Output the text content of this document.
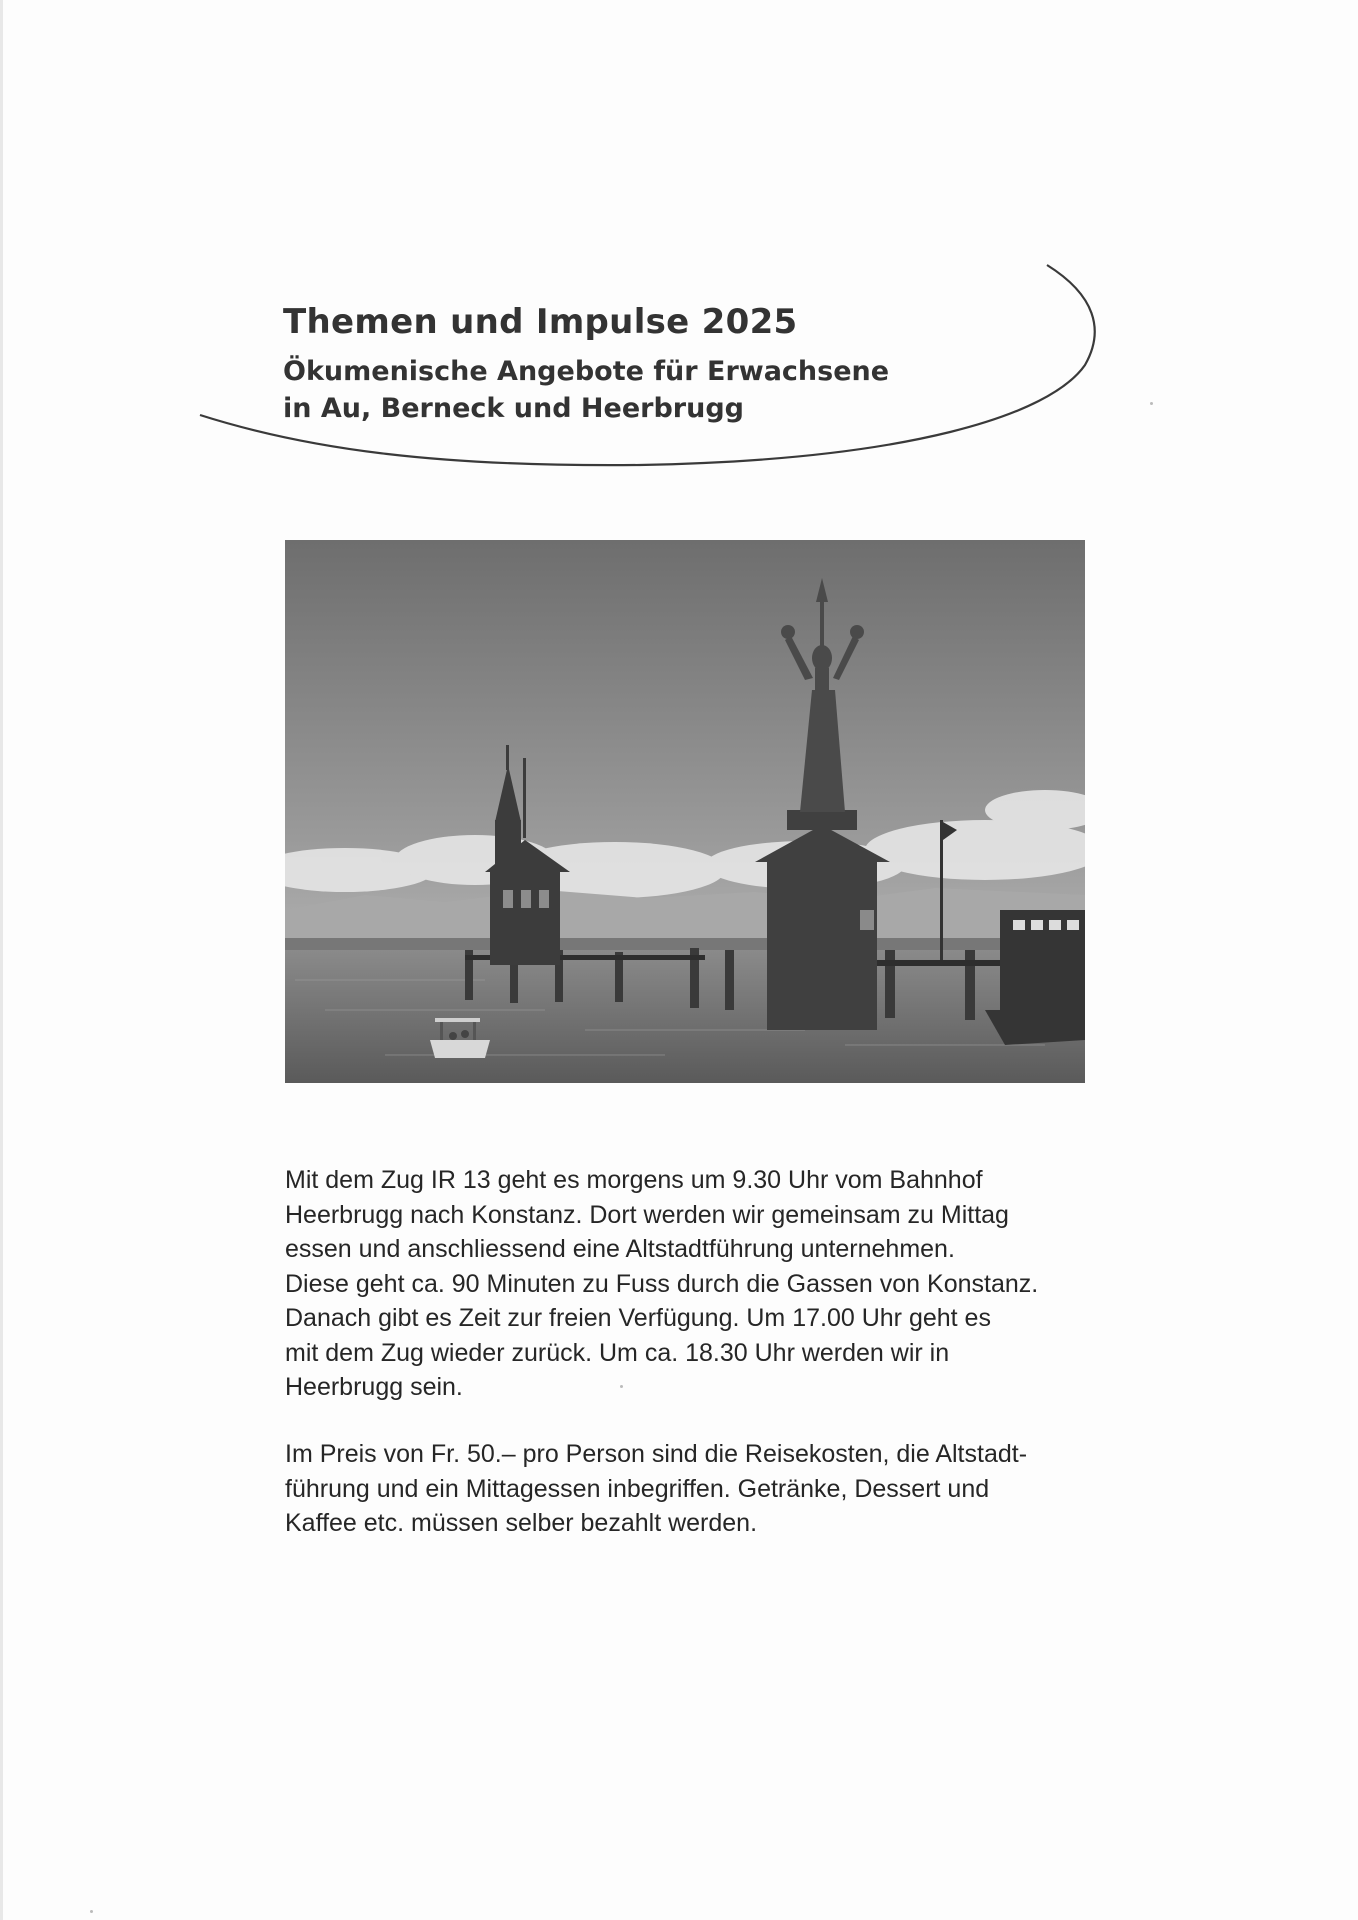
Themen und Impulse 2025
Ökumenische Angebote für Erwachsene
in Au, Berneck und Heerbrugg

Mit dem Zug IR 13 geht es morgens um 9.30 Uhr vom Bahnhof
Heerbrugg nach Konstanz. Dort werden wir gemeinsam zu Mittag
essen und anschliessend eine Altstadtführung unternehmen.
Diese geht ca. 90 Minuten zu Fuss durch die Gassen von Konstanz.
Danach gibt es Zeit zur freien Verfügung. Um 17.00 Uhr geht es
mit dem Zug wieder zurück. Um ca. 18.30 Uhr werden wir in
Heerbrugg sein.

Im Preis von Fr. 50.– pro Person sind die Reisekosten, die Altstadt-
führung und ein Mittagessen inbegriffen. Getränke, Dessert und
Kaffee etc. müssen selber bezahlt werden.
